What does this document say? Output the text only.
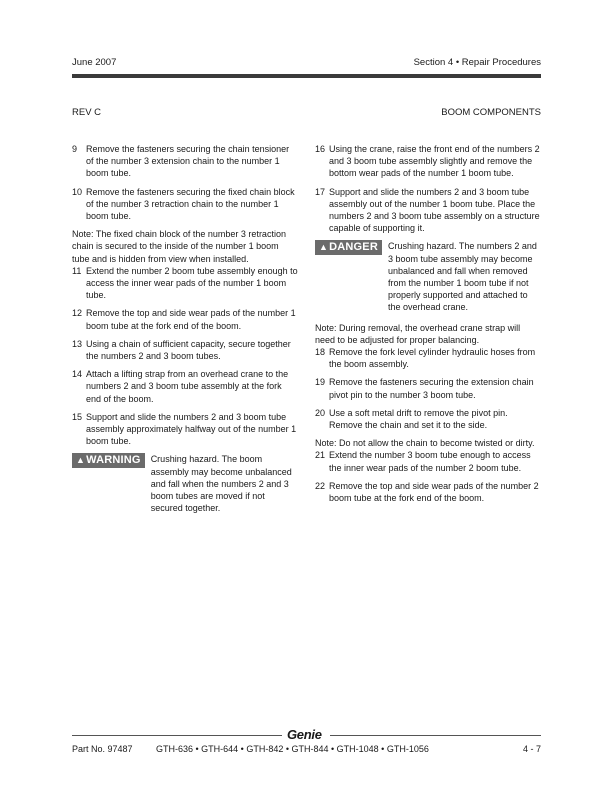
June 2007	Section 4 • Repair Procedures
REV C	BOOM COMPONENTS
9 Remove the fasteners securing the chain tensioner of the number 3 extension chain to the number 1 boom tube.
10 Remove the fasteners securing the fixed chain block of the number 3 retraction chain to the number 1 boom tube.

Note: The fixed chain block of the number 3 retraction chain is secured to the inside of the number 1 boom tube and is hidden from view when installed.

11 Extend the number 2 boom tube assembly enough to access the inner wear pads of the number 1 boom tube.
12 Remove the top and side wear pads of the number 1 boom tube at the fork end of the boom.
13 Using a chain of sufficient capacity, secure together the numbers 2 and 3 boom tubes.
14 Attach a lifting strap from an overhead crane to the numbers 2 and 3 boom tube assembly at the fork end of the boom.
15 Support and slide the numbers 2 and 3 boom tube assembly approximately halfway out of the number 1 boom tube.
▲WARNING	Crushing hazard. The boom assembly may become unbalanced and fall when the numbers 2 and 3 boom tubes are moved if not secured together.
16 Using the crane, raise the front end of the numbers 2 and 3 boom tube assembly slightly and remove the bottom wear pads of the number 1 boom tube.
17 Support and slide the numbers 2 and 3 boom tube assembly out of the number 1 boom tube. Place the numbers 2 and 3 boom tube assembly on a structure capable of supporting it.
▲DANGER	Crushing hazard. The numbers 2 and 3 boom tube assembly may become unbalanced and fall when removed from the number 1 boom tube if not properly supported and attached to the overhead crane.

Note: During removal, the overhead crane strap will need to be adjusted for proper balancing.

18 Remove the fork level cylinder hydraulic hoses from the boom assembly.
19 Remove the fasteners securing the extension chain pivot pin to the number 3 boom tube.
20 Use a soft metal drift to remove the pivot pin. Remove the chain and set it to the side.

Note: Do not allow the chain to become twisted or dirty.

21 Extend the number 3 boom tube enough to access the inner wear pads of the number 2 boom tube.
22 Remove the top and side wear pads of the number 2 boom tube at the fork end of the boom.
Genie
Part No. 97487	GTH-636 • GTH-644 • GTH-842 • GTH-844 • GTH-1048 • GTH-1056	4 - 7
